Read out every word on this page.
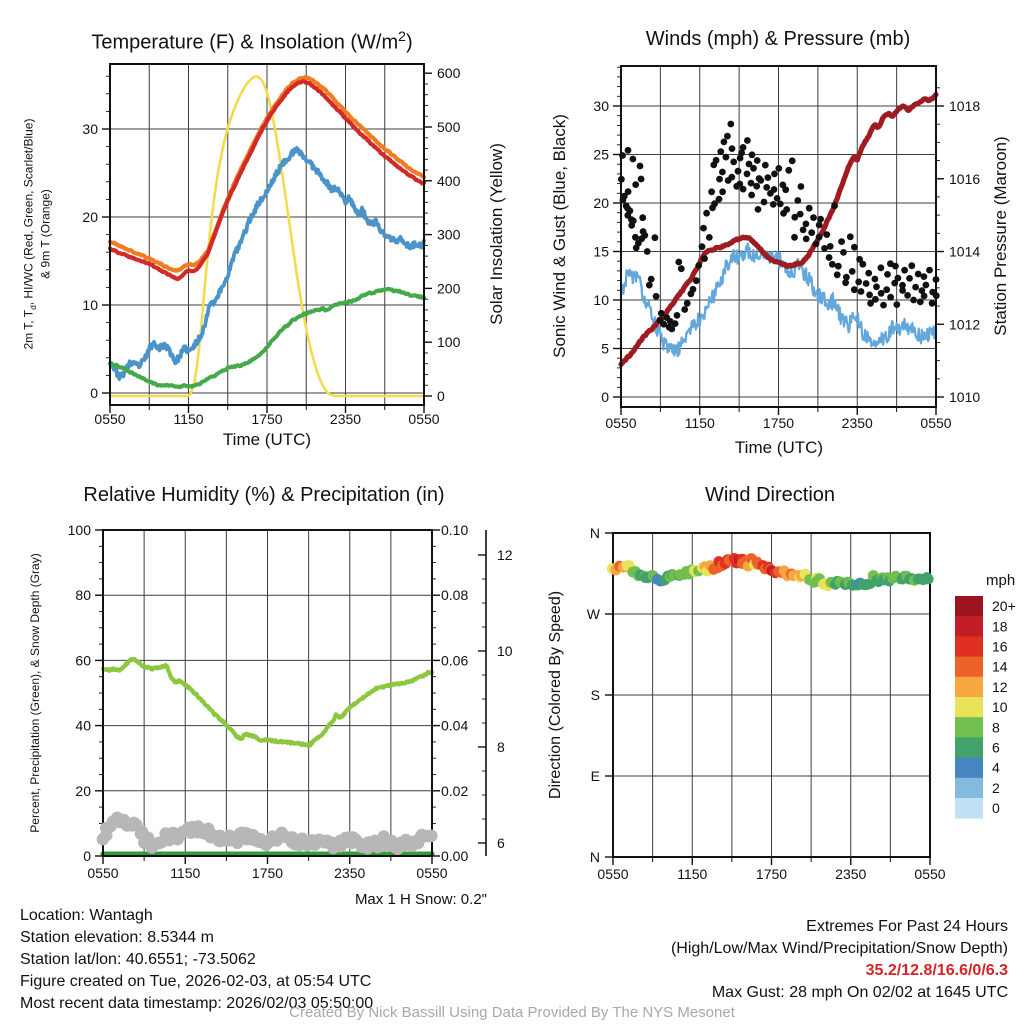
0550	1150	1750	2350	0550
0
10
20
30
0
100
200
300
400
500
600
0550	1150	1750	2350	0550
0
5
10
15
20
25
30
1010
1012
1014
1016
1018
0550	1150	1750	2350	0550
0
20
40
60
80
100
0.00
0.02
0.04
0.06
0.08
0.10
6
8
10
12
0550	1150	1750	2350	0550
N
W
S
E
N
20+
18
16
14
12
10
8
6
4
2
0
Temperature (F) & Insolation $(W/m^2)$	Winds (mph) & Pressure (mb)
Relative Humidity (%) & Precipitation (in)	Wind Direction
2m T, $T_d$, HI/WC (Red, Green, Scarlet/Blue) & 9m T (Orange)	Solar Insolation (Yellow)	Sonic Wind & Gust (Blue, Black)	Station Pressure (Maroon)
Percent, Precipitation (Green), & Snow Depth (Gray)	Direction (Colored By Speed)
Time (UTC)	Time (UTC)
mph
Max 1 H Snow: 0.2"
Location: Wantagh
Station elevation: 8.5344 m
Station lat/lon: 40.6551; -73.5062
Figure created on Tue, 2026-02-03, at 05:54 UTC
Most recent data timestamp: 2026/02/03 05:50:00
Extremes For Past 24 Hours
(High/Low/Max Wind/Precipitation/Snow Depth)
35.2/12.8/16.6/0/6.3
Max Gust: 28 mph On 02/02 at 1645 UTC
Created By Nick Bassill Using Data Provided By The NYS Mesonet
